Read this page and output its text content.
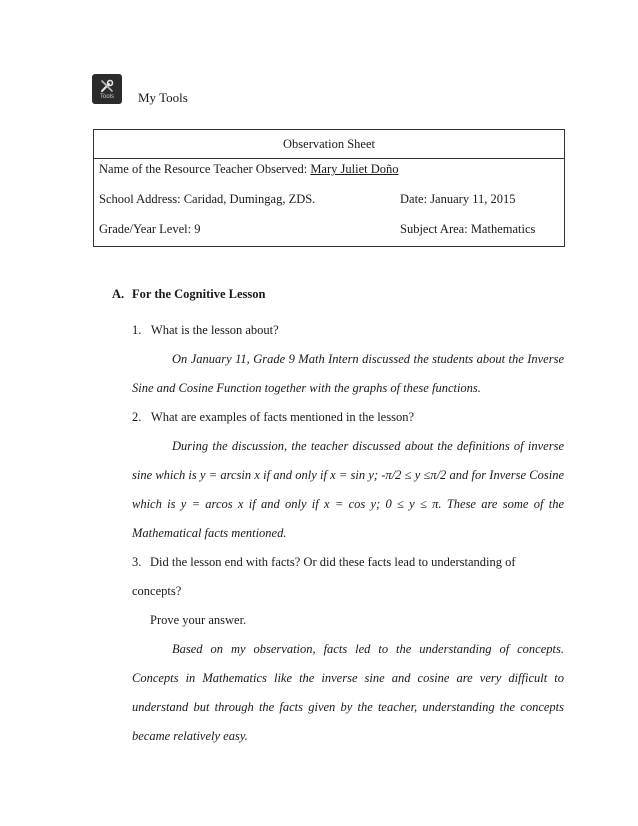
Tools My Tools
Observation Sheet
Name of the Resource Teacher Observed: Mary Juliet Doño
School Address: Caridad, Dumingag, ZDS.	Date: January 11, 2015
Grade/Year Level: 9	Subject Area: Mathematics
A. For the Cognitive Lesson

1. What is the lesson about?

On January 11, Grade 9 Math Intern discussed the students about the Inverse Sine and Cosine Function together with the graphs of these functions.

2. What are examples of facts mentioned in the lesson?

During the discussion, the teacher discussed about the definitions of inverse sine which is y = arcsin x if and only if x = sin y; -π/2 ≤ y ≤π/2 and for Inverse Cosine which is y = arcos x if and only if x = cos y; 0 ≤ y ≤ π. These are some of the Mathematical facts mentioned.

3. Did the lesson end with facts? Or did these facts lead to understanding of concepts?
Prove your answer.

Based on my observation, facts led to the understanding of concepts. Concepts in Mathematics like the inverse sine and cosine are very difficult to understand but through the facts given by the teacher, understanding the concepts became relatively easy.
